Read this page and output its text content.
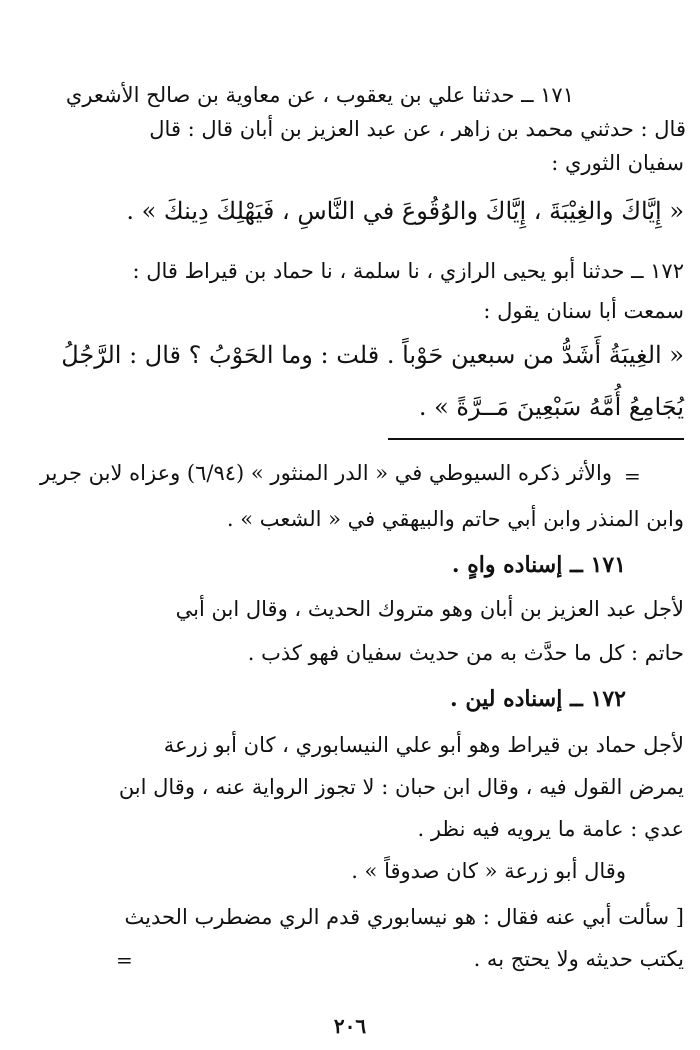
١٧١ ــ حدثنا علي بن يعقوب ، عن معاوية بن صالح الأشعري

قال : حدثني محمد بن زاهر ، عن عبد العزيز بن أبان قال : قال

سفيان الثوري :

« إِيَّاكَ والغِيْبَةَ ، إِيَّاكَ والوُقُوعَ في النَّاسِ ، فَيَهْلِكَ دِينكَ » .

١٧٢ ــ حدثنا أبو يحيى الرازي ، نا سلمة ، نا حماد بن قيراط قال :

سمعت أبا سنان يقول :

« الغِيبَةُ أَشَدُّ من سبعين حَوْباً . قلت : وما الحَوْبُ ؟ قال : الرَّجُلُ

يُجَامِعُ أُمَّهُ سَبْعِينَ مَــرَّةً » .

=

والأثر ذكره السيوطي في « الدر المنثور » (٦/٩٤) وعزاه لابن جرير

وابن المنذر وابن أبي حاتم والبيهقي في « الشعب » .

١٧١ ــ إسناده واهٍ .

لأجل عبد العزيز بن أبان وهو متروك الحديث ، وقال ابن أبي

حاتم : كل ما حدَّث به من حديث سفيان فهو كذب .

١٧٢ ــ إسناده لين .

لأجل حماد بن قيراط وهو أبو علي النيسابوري ، كان أبو زرعة

يمرض القول فيه ، وقال ابن حبان : لا تجوز الرواية عنه ، وقال ابن

عدي : عامة ما يرويه فيه نظر .

وقال أبو زرعة « كان صدوقاً » .

[ سألت أبي عنه فقال : هو نيسابوري قدم الري مضطرب الحديث

=	يكتب حديثه ولا يحتج به .

٢٠٦
